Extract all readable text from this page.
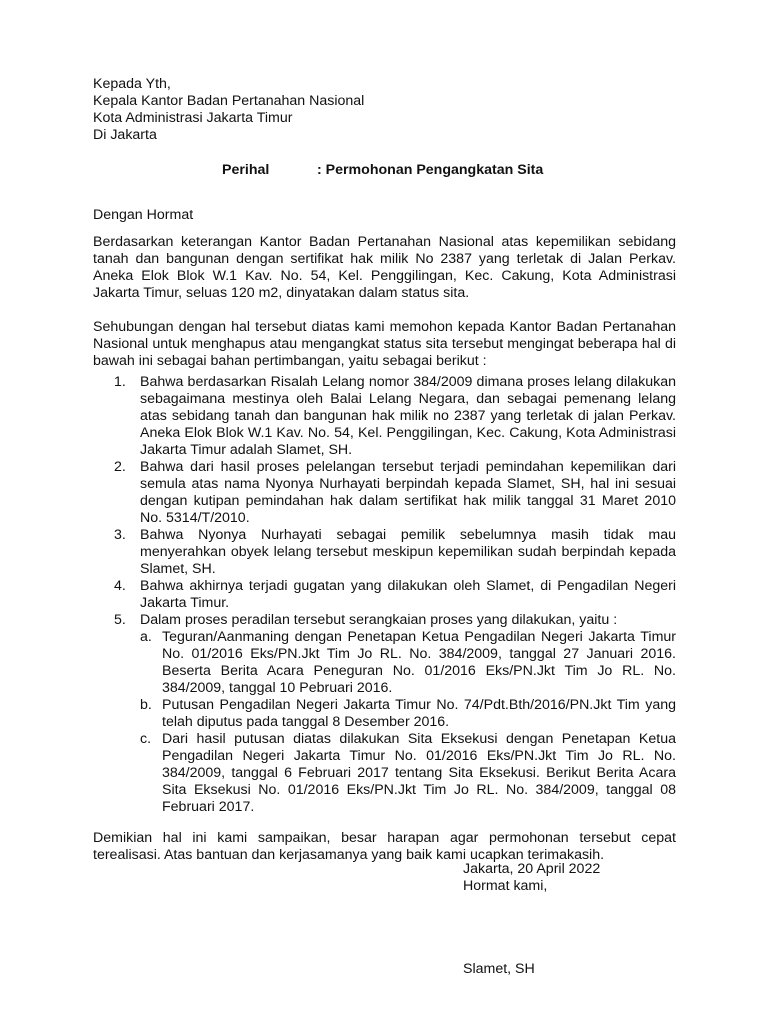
Kepada Yth,
Kepala Kantor Badan Pertanahan Nasional
Kota Administrasi Jakarta Timur
Di Jakarta
Perihal	: Permohonan Pengangkatan Sita
Dengan Hormat

Berdasarkan keterangan Kantor Badan Pertanahan Nasional atas kepemilikan sebidang tanah dan bangunan dengan sertifikat hak milik No 2387 yang terletak di Jalan Perkav. Aneka Elok Blok W.1 Kav. No. 54, Kel. Penggilingan, Kec. Cakung, Kota Administrasi Jakarta Timur, seluas 120 m2, dinyatakan dalam status sita.

Sehubungan dengan hal tersebut diatas kami memohon kepada Kantor Badan Pertanahan Nasional untuk menghapus atau mengangkat status sita tersebut mengingat beberapa hal di bawah ini sebagai bahan pertimbangan, yaitu sebagai berikut :

1. Bahwa berdasarkan Risalah Lelang nomor 384/2009 dimana proses lelang dilakukan sebagaimana mestinya oleh Balai Lelang Negara, dan sebagai pemenang lelang atas sebidang tanah dan bangunan hak milik no 2387 yang terletak di jalan Perkav. Aneka Elok Blok W.1 Kav. No. 54, Kel. Penggilingan, Kec. Cakung, Kota Administrasi Jakarta Timur adalah Slamet, SH.
2. Bahwa dari hasil proses pelelangan tersebut terjadi pemindahan kepemilikan dari semula atas nama Nyonya Nurhayati berpindah kepada Slamet, SH, hal ini sesuai dengan kutipan pemindahan hak dalam sertifikat hak milik tanggal 31 Maret 2010 No. 5314/T/2010.
3. Bahwa Nyonya Nurhayati sebagai pemilik sebelumnya masih tidak mau menyerahkan obyek lelang tersebut meskipun kepemilikan sudah berpindah kepada Slamet, SH.
4. Bahwa akhirnya terjadi gugatan yang dilakukan oleh Slamet, di Pengadilan Negeri Jakarta Timur.
5. Dalam proses peradilan tersebut serangkaian proses yang dilakukan, yaitu :
a. Teguran/Aanmaning dengan Penetapan Ketua Pengadilan Negeri Jakarta Timur No. 01/2016 Eks/PN.Jkt Tim Jo RL. No. 384/2009, tanggal 27 Januari 2016. Beserta Berita Acara Peneguran No. 01/2016 Eks/PN.Jkt Tim Jo RL. No. 384/2009, tanggal 10 Pebruari 2016.
b. Putusan Pengadilan Negeri Jakarta Timur No. 74/Pdt.Bth/2016/PN.Jkt Tim yang telah diputus pada tanggal 8 Desember 2016.
c. Dari hasil putusan diatas dilakukan Sita Eksekusi dengan Penetapan Ketua Pengadilan Negeri Jakarta Timur No. 01/2016 Eks/PN.Jkt Tim Jo RL. No. 384/2009, tanggal 6 Februari 2017 tentang Sita Eksekusi. Berikut Berita Acara Sita Eksekusi No. 01/2016 Eks/PN.Jkt Tim Jo RL. No. 384/2009, tanggal 08 Februari 2017.

Demikian hal ini kami sampaikan, besar harapan agar permohonan tersebut cepat terealisasi. Atas bantuan dan kerjasamanya yang baik kami ucapkan terimakasih.

Jakarta, 20 April 2022
Hormat kami,
Slamet, SH
